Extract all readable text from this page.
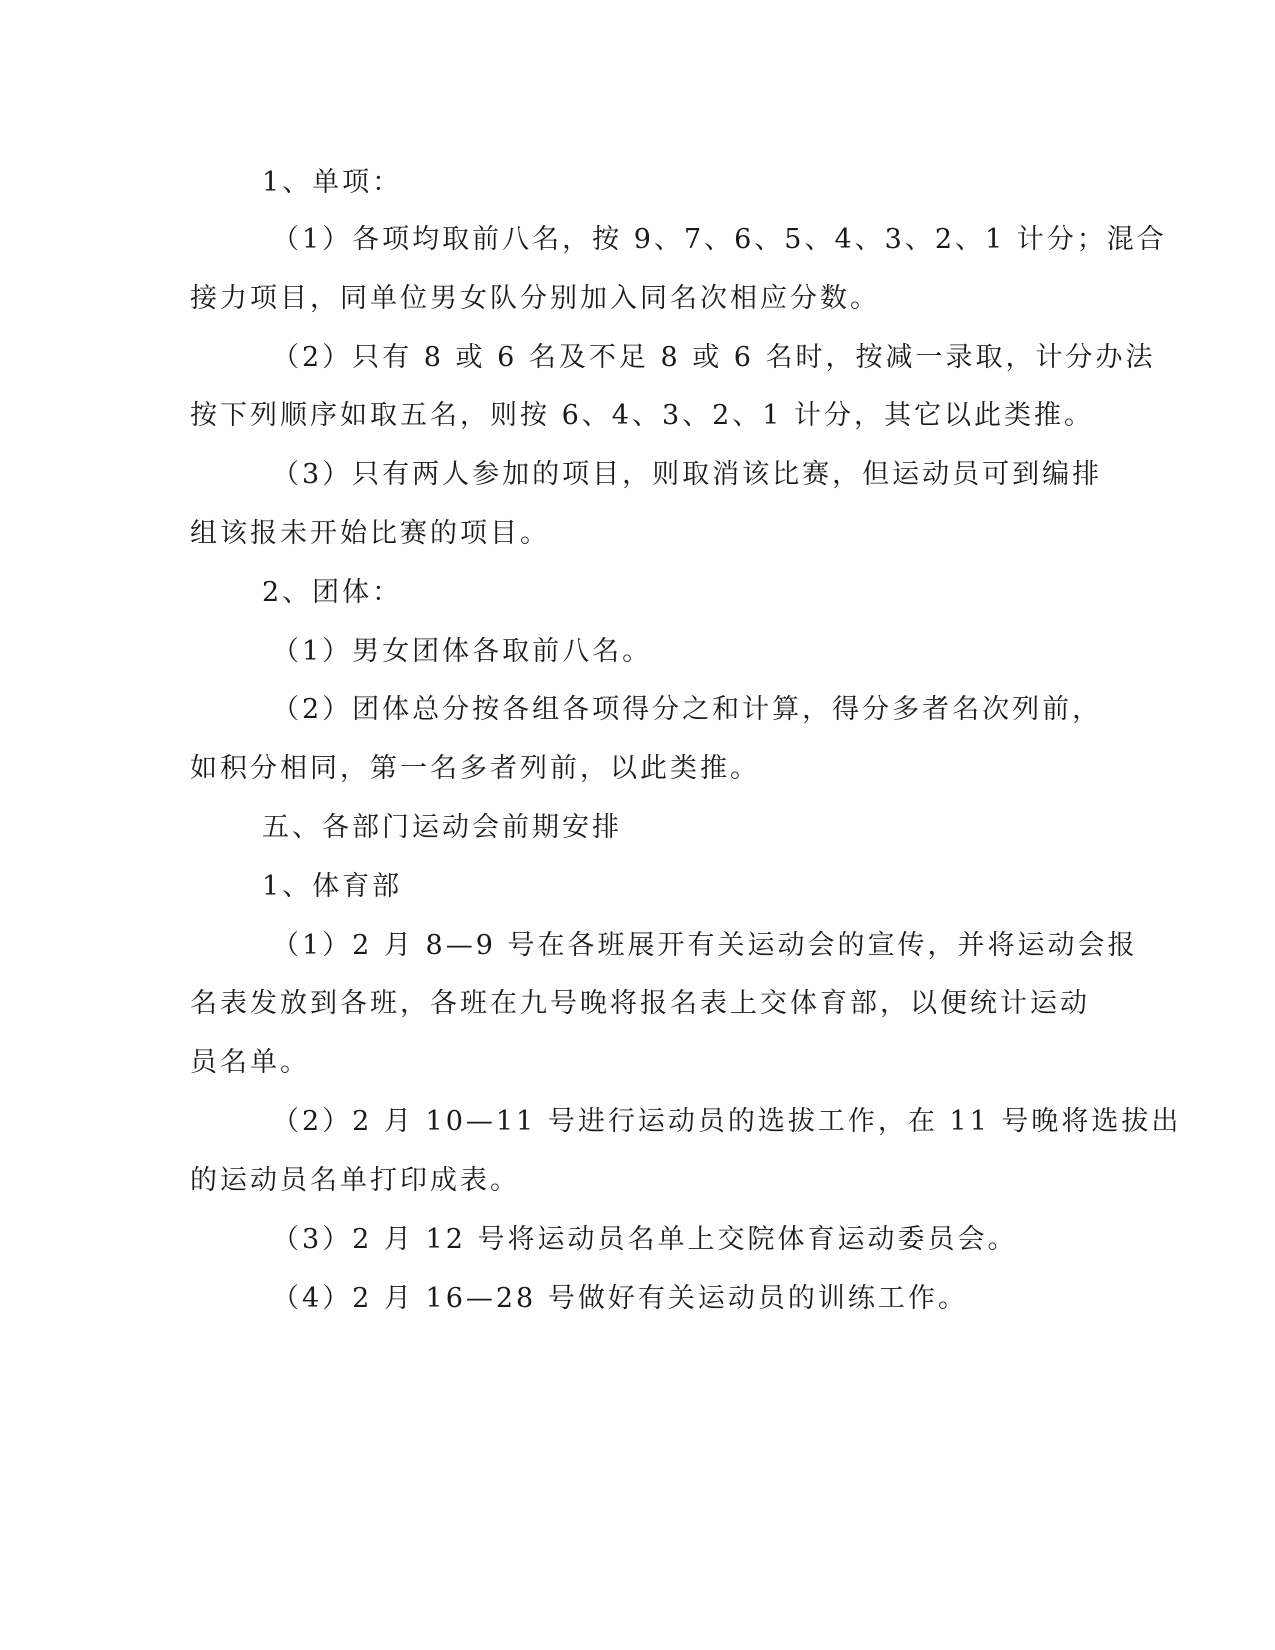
1、单项：
（1）各项均取前八名，按 9、7、6、5、4、3、2、1 计分；混合
接力项目，同单位男女队分别加入同名次相应分数。
（2）只有 8 或 6 名及不足 8 或 6 名时，按减一录取，计分办法
按下列顺序如取五名，则按 6、4、3、2、1 计分，其它以此类推。
（3）只有两人参加的项目，则取消该比赛，但运动员可到编排
组该报未开始比赛的项目。
2、团体：
（1）男女团体各取前八名。
（2）团体总分按各组各项得分之和计算，得分多者名次列前，
如积分相同，第一名多者列前，以此类推。
五、各部门运动会前期安排
1、体育部
（1）2 月 8—9 号在各班展开有关运动会的宣传，并将运动会报
名表发放到各班，各班在九号晚将报名表上交体育部，以便统计运动
员名单。
（2）2 月 10—11 号进行运动员的选拔工作，在 11 号晚将选拔出
的运动员名单打印成表。
（3）2 月 12 号将运动员名单上交院体育运动委员会。
（4）2 月 16—28 号做好有关运动员的训练工作。
